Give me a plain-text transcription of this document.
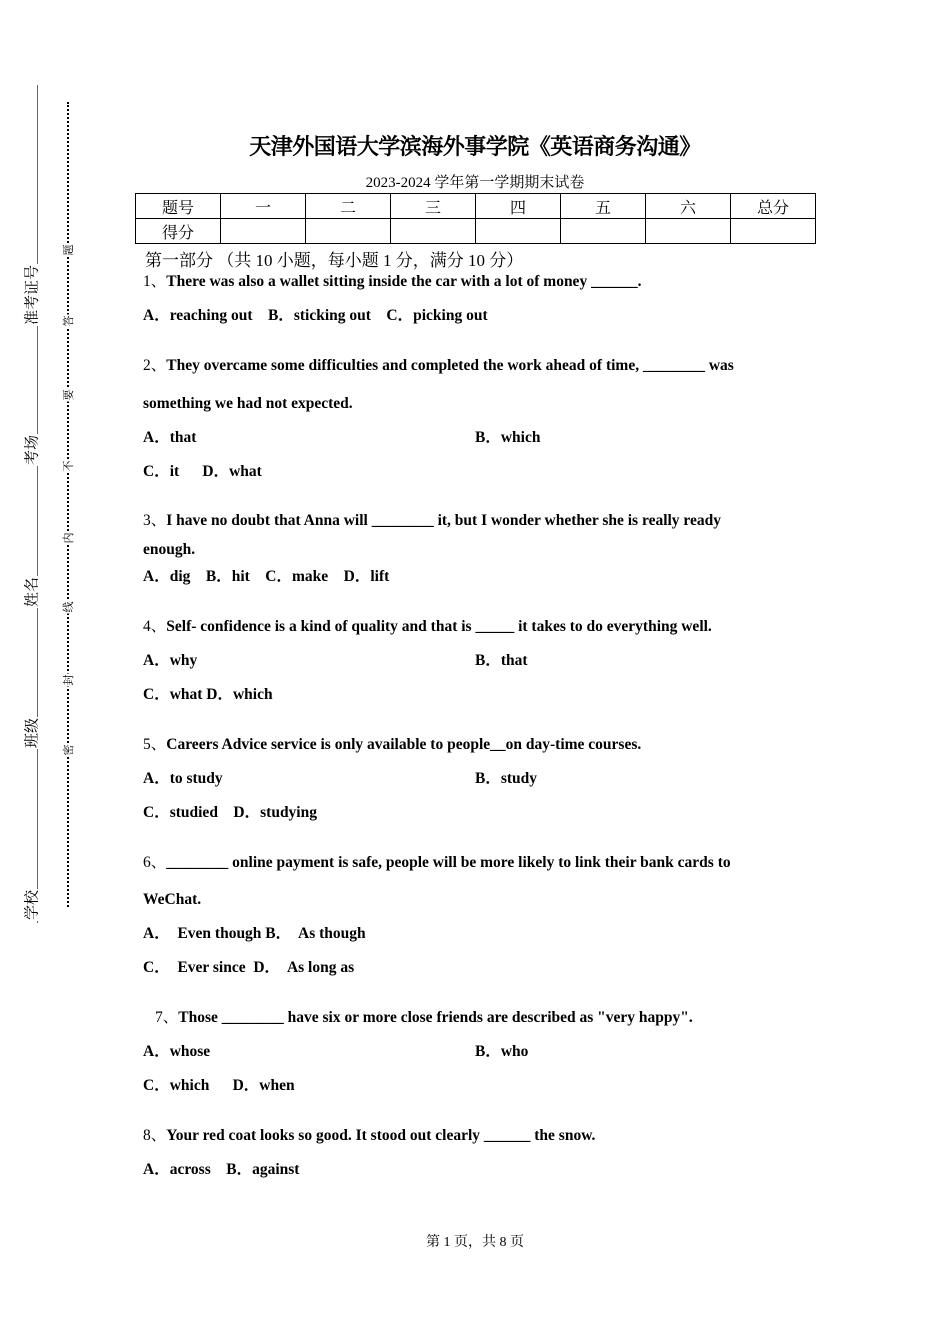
准考证号
考场
姓名
班级
学校
题
答
要
不
内
线
封
密
天津外国语大学滨海外事学院《英语商务沟通》
2023-2024 学年第一学期期末试卷
题号	一	二	三	四	五	六	总分
得分							
第一部分 （共 10 小题，每小题 1 分，满分 10 分）
1、There was also a wallet sitting inside the car with a lot of money ______.
A．reaching out    B．sticking out    C．picking out
2、They overcame some difficulties and completed the work ahead of time, ________ was
something we had not expected.
A．that	B．which
C．it      D．what
3、I have no doubt that Anna will ________ it, but I wonder whether she is really ready
enough.
A．dig    B．hit    C．make    D．lift
4、Self- confidence is a kind of quality and that is _____ it takes to do everything well.
A．why	B．that
C．what D．which
5、Careers Advice service is only available to people__on day-time courses.
A．to study	B．study
C．studied    D．studying
6、________ online payment is safe, people will be more likely to link their bank cards to
WeChat.
A．  Even though B．  As though
C．  Ever since  D．  As long as
7、Those ________ have six or more close friends are described as "very happy".
A．whose	B．who
C．which      D．when
8、Your red coat looks so good. It stood out clearly ______ the snow.
A．across    B．against
第 1 页，共 8 页
